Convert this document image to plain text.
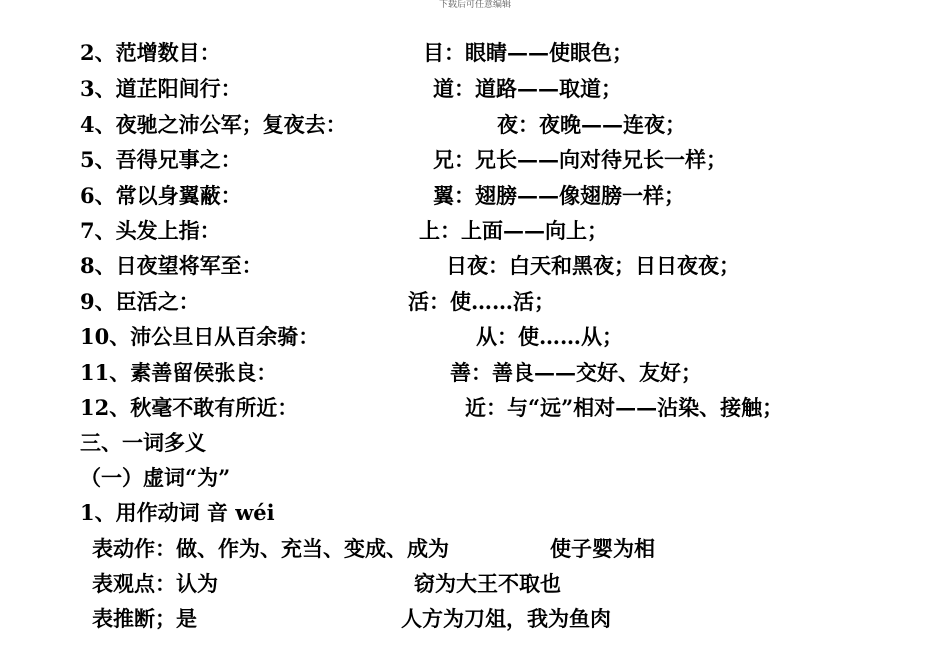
下载后可任意编辑
2、范增数目：	目：眼睛——使眼色；
3、道芷阳间行：	道：道路——取道；
4、夜驰之沛公军；复夜去：	夜：夜晚——连夜；
5、吾得兄事之：	兄：兄长——向对待兄长一样；
6、常以身翼蔽：	翼：翅膀——像翅膀一样；
7、头发上指：	上：上面——向上；
8、日夜望将军至：	日夜：白天和黑夜；日日夜夜；
9、臣活之：	活：使……活；
10、沛公旦日从百余骑：	从：使……从；
11、素善留侯张良：	善：善良——交好、友好；
12、秋毫不敢有所近：	近：与“远”相对——沾染、接触；
三、一词多义
（一）虚词“为”
1、用作动词 音 wéi
表动作：做、作为、充当、变成、成为	使子婴为相
表观点：认为	窃为大王不取也
表推断；是	人方为刀俎，我为鱼肉
